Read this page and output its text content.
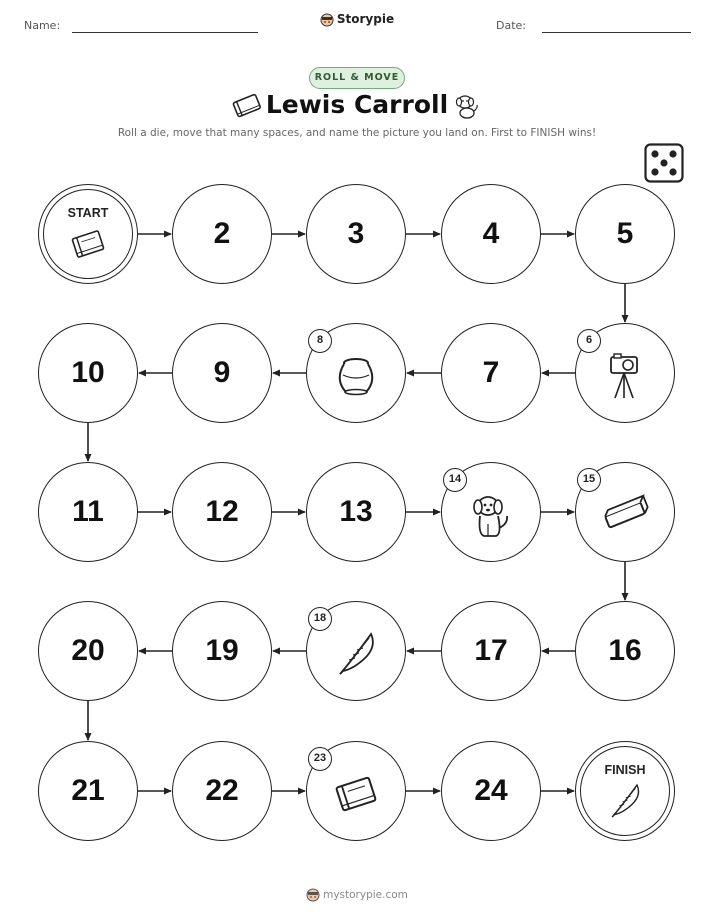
Name:	Storypie	Date:
ROLL & MOVE
Lewis Carroll
Roll a die, move that many spaces, and name the picture you land on. First to FINISH wins!
START
2	3	4	5
6
7
8
9
10
11	12	13
14	15
16
17
18
19
20
21	22
23
24
FINISH
mystorypie.com
